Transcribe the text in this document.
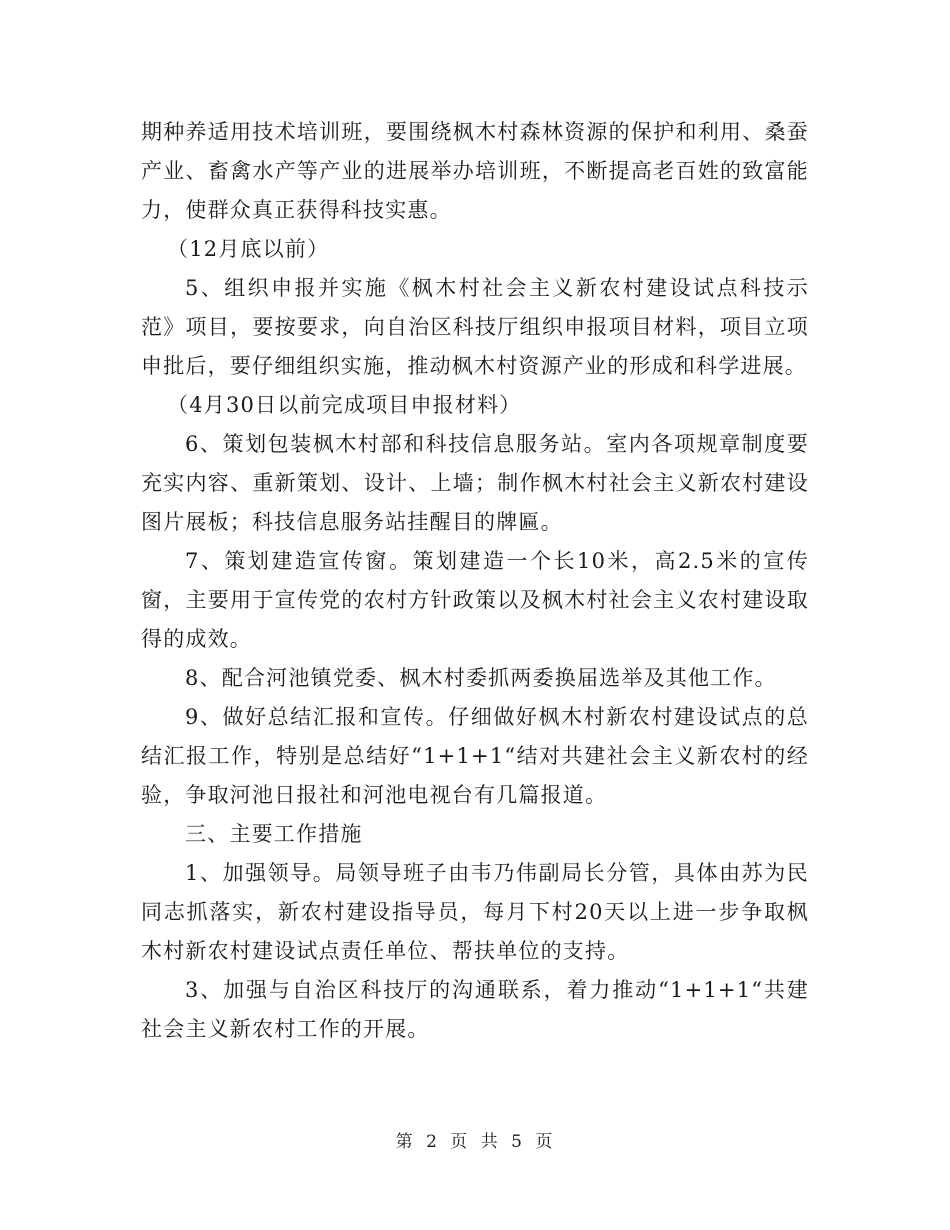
期种养适用技术培训班，要围绕枫木村森林资源的保护和利用、桑蚕产业、畜禽水产等产业的进展举办培训班，不断提高老百姓的致富能力，使群众真正获得科技实惠。

（12月底以前）

5、组织申报并实施《枫木村社会主义新农村建设试点科技示范》项目，要按要求，向自治区科技厅组织申报项目材料，项目立项申批后，要仔细组织实施，推动枫木村资源产业的形成和科学进展。

（4月30日以前完成项目申报材料）

6、策划包装枫木村部和科技信息服务站。室内各项规章制度要充实内容、重新策划、设计、上墙；制作枫木村社会主义新农村建设图片展板；科技信息服务站挂醒目的牌匾。

7、策划建造宣传窗。策划建造一个长10米，高2.5米的宣传窗，主要用于宣传党的农村方针政策以及枫木村社会主义农村建设取得的成效。

8、配合河池镇党委、枫木村委抓两委换届选举及其他工作。

9、做好总结汇报和宣传。仔细做好枫木村新农村建设试点的总结汇报工作，特别是总结好“1+1+1“结对共建社会主义新农村的经验，争取河池日报社和河池电视台有几篇报道。

三、主要工作措施

1、加强领导。局领导班子由韦乃伟副局长分管，具体由苏为民同志抓落实，新农村建设指导员，每月下村20天以上进一步争取枫木村新农村建设试点责任单位、帮扶单位的支持。

3、加强与自治区科技厅的沟通联系，着力推动“1+1+1“共建社会主义新农村工作的开展。

第 2 页 共 5 页
